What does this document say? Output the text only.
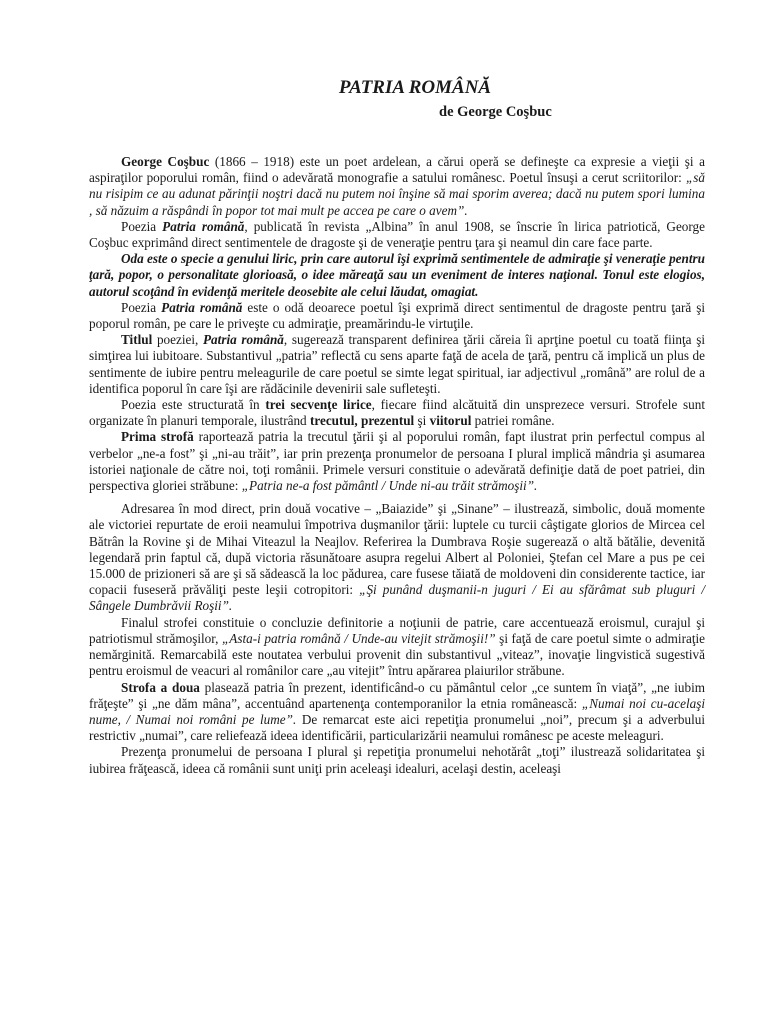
PATRIA ROMÂNĂ
de George Coşbuc

George Coşbuc (1866 – 1918) este un poet ardelean, a cărui operă se defineşte ca expresie a vieţii şi a aspiraţilor poporului român, fiind o adevărată monografie a satului românesc. Poetul însuşi a cerut scriitorilor: „să nu risipim ce au adunat părinţii noştri dacă nu putem noi înşine să mai sporim averea; dacă nu putem spori lumina , să năzuim a răspândi în popor tot mai mult pe accea pe care o avem”.

Poezia Patria română, publicată în revista „Albina” în anul 1908, se înscrie în lirica patriotică, George Coşbuc exprimând direct sentimentele de dragoste şi de veneraţie pentru ţara şi neamul din care face parte.

Oda este o specie a genului liric, prin care autorul îşi exprimă sentimentele de admiraţie şi veneraţie pentru ţară, popor, o personalitate glorioasă, o idee măreaţă sau un eveniment de interes naţional. Tonul este elogios, autorul scoţând în evidenţă meritele deosebite ale celui lăudat, omagiat.

Poezia Patria română este o odă deoarece poetul îşi exprimă direct sentimentul de dragoste pentru ţară şi poporul român, pe care le priveşte cu admiraţie, preamărindu-le virtuţile.

Titlul poeziei, Patria română, sugerează transparent definirea ţării căreia îi aprţine poetul cu toată fiinţa şi simţirea lui iubitoare. Substantivul „patria” reflectă cu sens aparte faţă de acela de ţară, pentru că implică un plus de sentimente de iubire pentru meleagurile de care poetul se simte legat spiritual, iar adjectivul „română” are rolul de a identifica poporul în care îşi are rădăcinile devenirii sale sufleteşti.

Poezia este structurată în trei secvenţe lirice, fiecare fiind alcătuită din unsprezece versuri. Strofele sunt organizate în planuri temporale, ilustrând trecutul, prezentul şi viitorul patriei române.

Prima strofă raportează patria la trecutul ţării şi al poporului român, fapt ilustrat prin perfectul compus al verbelor „ne-a fost” şi „ni-au trăit”, iar prin prezenţa pronumelor de persoana I plural implică mândria şi asumarea istoriei naţionale de către noi, toţi românii. Primele versuri constituie o adevărată definiţie dată de poet patriei, din perspectiva gloriei străbune: „Patria ne-a fost pământl / Unde ni-au trăit strămoşii”.

Adresarea în mod direct, prin două vocative – „Baiazide” şi „Sinane” – ilustrează, simbolic, două momente ale victoriei repurtate de eroii neamului împotriva duşmanilor ţării: luptele cu turcii câştigate glorios de Mircea cel Bătrân la Rovine şi de Mihai Viteazul la Neajlov. Referirea la Dumbrava Roşie sugerează o altă bătălie, devenită legendară prin faptul că, după victoria răsunătoare asupra regelui Albert al Poloniei, Ştefan cel Mare a pus pe cei 15.000 de prizioneri să are şi să sădească la loc pădurea, care fusese tăiată de moldoveni din considerente tactice, iar copacii fuseseră prăvăliţi peste leşii cotropitori: „Şi punând duşmanii-n juguri / Ei au sfărâmat sub pluguri / Sângele Dumbrăvii Roşii”.

Finalul strofei constituie o concluzie definitorie a noţiunii de patrie, care accentuează eroismul, curajul şi patriotismul strămoşilor, „Asta-i patria română / Unde-au vitejit strămoşii!” şi faţă de care poetul simte o admiraţie nemărginită. Remarcabilă este noutatea verbului provenit din substantivul „viteaz”, inovaţie lingvistică sugestivă pentru eroismul de veacuri al românilor care „au vitejit” întru apărarea plaiurilor străbune.

Strofa a doua plasează patria în prezent, identificând-o cu pământul celor „ce suntem în viaţă”, „ne iubim frăţeşte” şi „ne dăm mâna”, accentuând apartenenţa contemporanilor la etnia românească: „Numai noi cu-acelaşi nume, / Numai noi români pe lume”. De remarcat este aici repetiţia pronumelui „noi”, precum şi a adverbului restrictiv „numai”, care reliefează ideea identificării, particularizării neamului românesc pe aceste meleaguri.

Prezenţa pronumelui de persoana I plural şi repetiţia pronumelui nehotărât „toţi” ilustrează solidaritatea şi iubirea frăţească, ideea că românii sunt uniţi prin aceleaşi idealuri, acelaşi destin, aceleaşi
